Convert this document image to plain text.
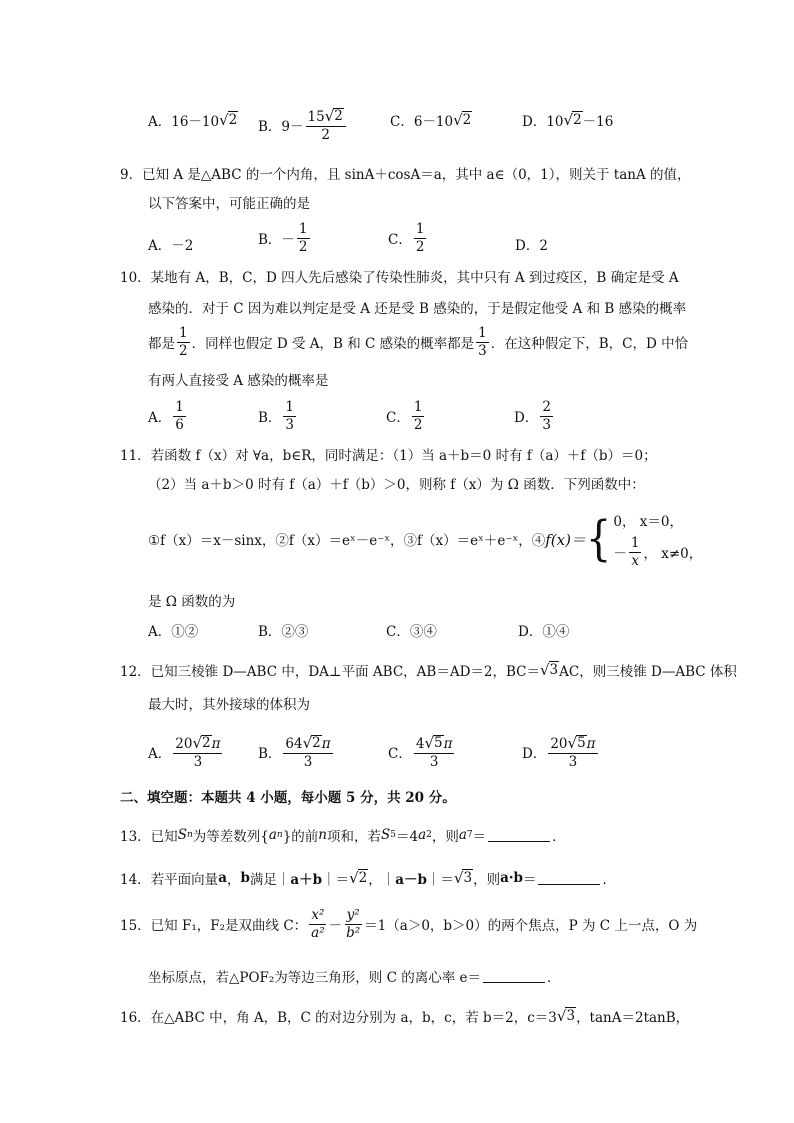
A．16－10 √ 2 B．$9- \frac{15 √ 2}{2}$	C．6－10 √ 2	D．10 √ 2 －16
9．已知 A 是△ABC 的一个内角，且 sinA＋cosA＝a，其中 a∈（0，1），则关于 tanA 的值，
以下答案中，可能正确的是
A．－2	B．－ $\frac{1}{2}$	C． $\frac{1}{2}$	D．2
10．某地有 A，B，C，D 四人先后感染了传染性肺炎，其中只有 A 到过疫区，B 确定是受 A
感染的．对于 C 因为难以判定是受 A 还是受 B 感染的，于是假定他受 A 和 B 感染的概率
都是 $\frac{1}{2}$ ．同样也假定 D 受 A，B 和 C 感染的概率都是 $\frac{1}{3}$ ．在这种假定下，B，C，D 中恰
有两人直接受 A 感染的概率是
A． $\frac{1}{6}$	B． $\frac{1}{3}$	C． $\frac{1}{2}$	D． $\frac{2}{3}$
11．若函数 f（x）对 ∀a，b∈R，同时满足：（1）当 a＋b＝0 时有 f（a）＋f（b）＝0；
（2）当 a＋b＞0 时有 f（a）＋f（b）＞0，则称 f（x）为 Ω 函数．下列函数中：
①f（x）＝x－sinx，②f（x）＝eˣ－e⁻ˣ，③f（x）＝eˣ＋e⁻ˣ，④ f(x)＝ { 0， x＝0，
－ $\frac{1}{x}$ ， x≠0，
是 Ω 函数的为
A．①②	B．②③	C．③④	D．①④
12．已知三棱锥 D—ABC 中，DA⊥平面 ABC，AB＝AD＝2，BC＝ √ 3 AC，则三棱锥 D—ABC 体积
最大时，其外接球的体积为
A． $\frac{20 √ 2 \pi}{3}$	B． $\frac{64 √ 2 \pi}{3}$	C． $\frac{4 √ 5 \pi}{3}$	D． $\frac{20 √ 5 \pi}{3}$
二、填空题：本题共 4 小题，每小题 5 分，共 20 分。
13．已知 S n 为等差数列{ a n }的前 n 项和，若 S 5 ＝4 a 2 ，则 a 7 ＝	．
14．若平面向量 a ， b 满足｜ a＋b ｜＝ √ 2 ，｜ a－b ｜＝ √ 3 ，则 a·b ＝	．
15．已知 F₁，F₂是双曲线 C： $\frac{\text{x²}}{\text{a²}} - \frac{\text{y²}}{\text{b²}} =1(a>0$，b＞0）的两个焦点，P 为 C 上一点，O 为
坐标原点，若△POF₂为等边三角形，则 C 的离心率 e＝	．
16．在△ABC 中，角 A，B，C 的对边分别为 a，b，c，若 b＝2，c＝3 √ 3 ，tanA＝2tanB，
